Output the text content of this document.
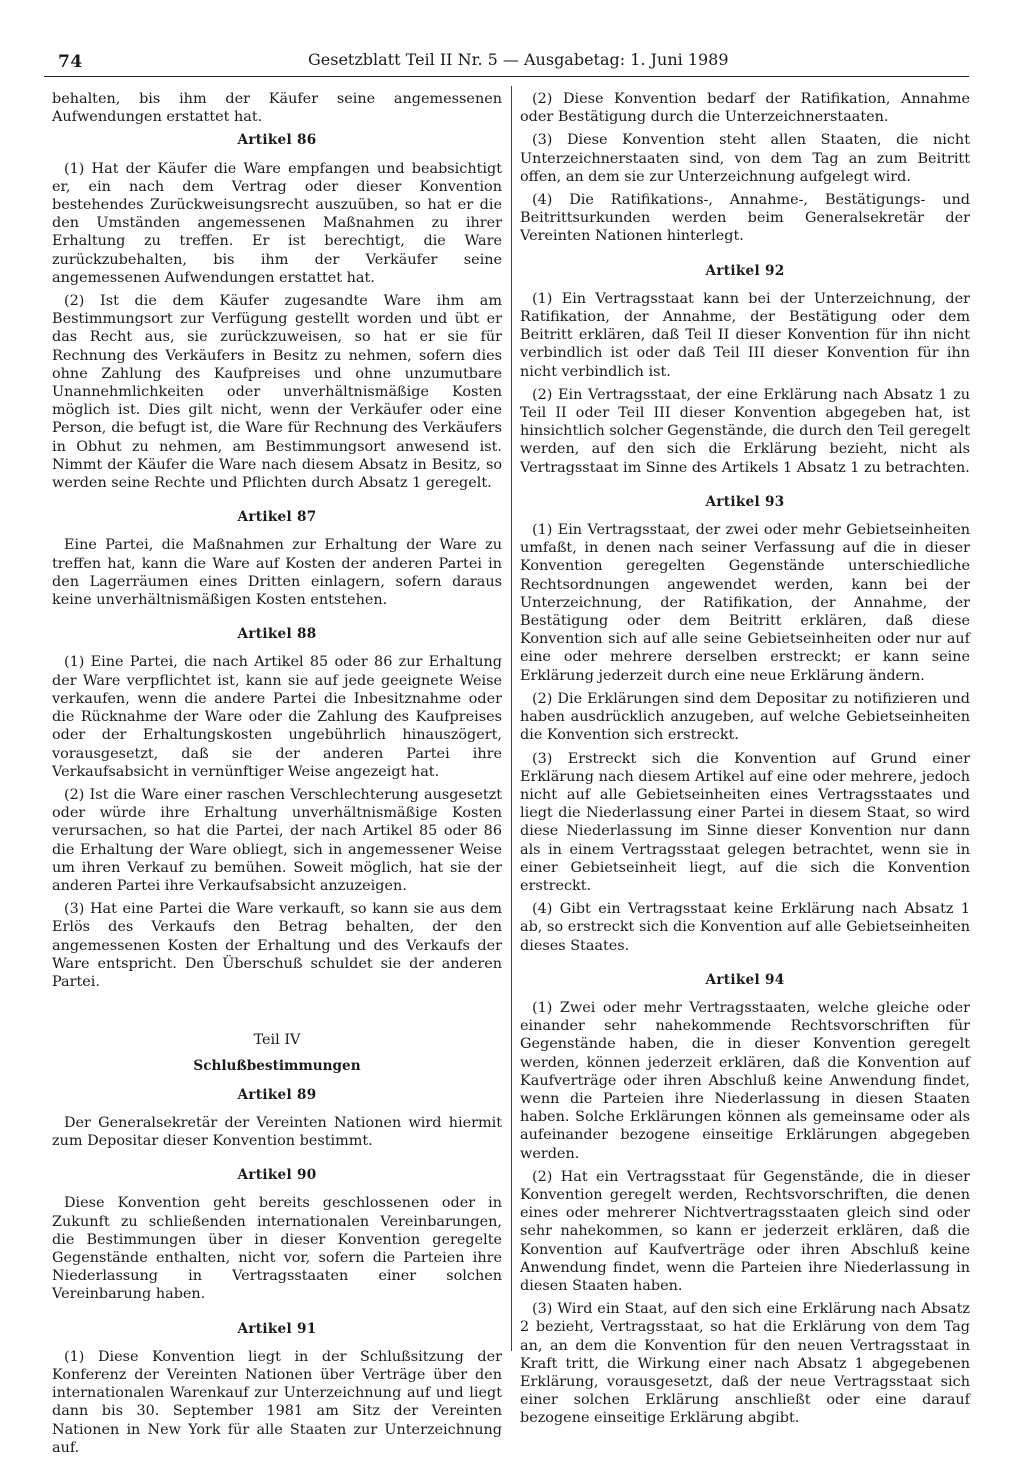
74	Gesetzblatt Teil II Nr. 5 — Ausgabetag: 1. Juni 1989

behalten, bis ihm der Käufer seine angemessenen Aufwendungen erstattet hat.

Artikel 86

(1) Hat der Käufer die Ware empfangen und beabsichtigt er, ein nach dem Vertrag oder dieser Konvention bestehendes Zurückweisungsrecht auszuüben, so hat er die den Umständen angemessenen Maßnahmen zu ihrer Erhaltung zu treffen. Er ist berechtigt, die Ware zurückzubehalten, bis ihm der Verkäufer seine angemessenen Aufwendungen erstattet hat.

(2) Ist die dem Käufer zugesandte Ware ihm am Bestimmungsort zur Verfügung gestellt worden und übt er das Recht aus, sie zurückzuweisen, so hat er sie für Rechnung des Verkäufers in Besitz zu nehmen, sofern dies ohne Zahlung des Kaufpreises und ohne unzumutbare Unannehmlichkeiten oder unverhältnismäßige Kosten möglich ist. Dies gilt nicht, wenn der Verkäufer oder eine Person, die befugt ist, die Ware für Rechnung des Verkäufers in Obhut zu nehmen, am Bestimmungsort anwesend ist. Nimmt der Käufer die Ware nach diesem Absatz in Besitz, so werden seine Rechte und Pflichten durch Absatz 1 geregelt.

Artikel 87

Eine Partei, die Maßnahmen zur Erhaltung der Ware zu treffen hat, kann die Ware auf Kosten der anderen Partei in den Lagerräumen eines Dritten einlagern, sofern daraus keine unverhältnismäßigen Kosten entstehen.

Artikel 88

(1) Eine Partei, die nach Artikel 85 oder 86 zur Erhaltung der Ware verpflichtet ist, kann sie auf jede geeignete Weise verkaufen, wenn die andere Partei die Inbesitznahme oder die Rücknahme der Ware oder die Zahlung des Kaufpreises oder der Erhaltungskosten ungebührlich hinauszögert, vorausgesetzt, daß sie der anderen Partei ihre Verkaufsabsicht in vernünftiger Weise angezeigt hat.

(2) Ist die Ware einer raschen Verschlechterung ausgesetzt oder würde ihre Erhaltung unverhältnismäßige Kosten verursachen, so hat die Partei, der nach Artikel 85 oder 86 die Erhaltung der Ware obliegt, sich in angemessener Weise um ihren Verkauf zu bemühen. Soweit möglich, hat sie der anderen Partei ihre Verkaufsabsicht anzuzeigen.

(3) Hat eine Partei die Ware verkauft, so kann sie aus dem Erlös des Verkaufs den Betrag behalten, der den angemessenen Kosten der Erhaltung und des Verkaufs der Ware entspricht. Den Überschuß schuldet sie der anderen Partei.

Teil IV
Schlußbestimmungen
Artikel 89

Der Generalsekretär der Vereinten Nationen wird hiermit zum Depositar dieser Konvention bestimmt.

Artikel 90

Diese Konvention geht bereits geschlossenen oder in Zukunft zu schließenden internationalen Vereinbarungen, die Bestimmungen über in dieser Konvention geregelte Gegenstände enthalten, nicht vor, sofern die Parteien ihre Niederlassung in Vertragsstaaten einer solchen Vereinbarung haben.

Artikel 91

(1) Diese Konvention liegt in der Schlußsitzung der Konferenz der Vereinten Nationen über Verträge über den internationalen Warenkauf zur Unterzeichnung auf und liegt dann bis 30. September 1981 am Sitz der Vereinten Nationen in New York für alle Staaten zur Unterzeichnung auf.

(2) Diese Konvention bedarf der Ratifikation, Annahme oder Bestätigung durch die Unterzeichnerstaaten.

(3) Diese Konvention steht allen Staaten, die nicht Unterzeichnerstaaten sind, von dem Tag an zum Beitritt offen, an dem sie zur Unterzeichnung aufgelegt wird.

(4) Die Ratifikations-, Annahme-, Bestätigungs- und Beitrittsurkunden werden beim Generalsekretär der Vereinten Nationen hinterlegt.

Artikel 92

(1) Ein Vertragsstaat kann bei der Unterzeichnung, der Ratifikation, der Annahme, der Bestätigung oder dem Beitritt erklären, daß Teil II dieser Konvention für ihn nicht verbindlich ist oder daß Teil III dieser Konvention für ihn nicht verbindlich ist.

(2) Ein Vertragsstaat, der eine Erklärung nach Absatz 1 zu Teil II oder Teil III dieser Konvention abgegeben hat, ist hinsichtlich solcher Gegenstände, die durch den Teil geregelt werden, auf den sich die Erklärung bezieht, nicht als Vertragsstaat im Sinne des Artikels 1 Absatz 1 zu betrachten.

Artikel 93

(1) Ein Vertragsstaat, der zwei oder mehr Gebietseinheiten umfaßt, in denen nach seiner Verfassung auf die in dieser Konvention geregelten Gegenstände unterschiedliche Rechtsordnungen angewendet werden, kann bei der Unterzeichnung, der Ratifikation, der Annahme, der Bestätigung oder dem Beitritt erklären, daß diese Konvention sich auf alle seine Gebietseinheiten oder nur auf eine oder mehrere derselben erstreckt; er kann seine Erklärung jederzeit durch eine neue Erklärung ändern.

(2) Die Erklärungen sind dem Depositar zu notifizieren und haben ausdrücklich anzugeben, auf welche Gebietseinheiten die Konvention sich erstreckt.

(3) Erstreckt sich die Konvention auf Grund einer Erklärung nach diesem Artikel auf eine oder mehrere, jedoch nicht auf alle Gebietseinheiten eines Vertragsstaates und liegt die Niederlassung einer Partei in diesem Staat, so wird diese Niederlassung im Sinne dieser Konvention nur dann als in einem Vertragsstaat gelegen betrachtet, wenn sie in einer Gebietseinheit liegt, auf die sich die Konvention erstreckt.

(4) Gibt ein Vertragsstaat keine Erklärung nach Absatz 1 ab, so erstreckt sich die Konvention auf alle Gebietseinheiten dieses Staates.

Artikel 94

(1) Zwei oder mehr Vertragsstaaten, welche gleiche oder einander sehr nahekommende Rechtsvorschriften für Gegenstände haben, die in dieser Konvention geregelt werden, können jederzeit erklären, daß die Konvention auf Kaufverträge oder ihren Abschluß keine Anwendung findet, wenn die Parteien ihre Niederlassung in diesen Staaten haben. Solche Erklärungen können als gemeinsame oder als aufeinander bezogene einseitige Erklärungen abgegeben werden.

(2) Hat ein Vertragsstaat für Gegenstände, die in dieser Konvention geregelt werden, Rechtsvorschriften, die denen eines oder mehrerer Nichtvertragsstaaten gleich sind oder sehr nahekommen, so kann er jederzeit erklären, daß die Konvention auf Kaufverträge oder ihren Abschluß keine Anwendung findet, wenn die Parteien ihre Niederlassung in diesen Staaten haben.

(3) Wird ein Staat, auf den sich eine Erklärung nach Absatz 2 bezieht, Vertragsstaat, so hat die Erklärung von dem Tag an, an dem die Konvention für den neuen Vertragsstaat in Kraft tritt, die Wirkung einer nach Absatz 1 abgegebenen Erklärung, vorausgesetzt, daß der neue Vertragsstaat sich einer solchen Erklärung anschließt oder eine darauf bezogene einseitige Erklärung abgibt.
